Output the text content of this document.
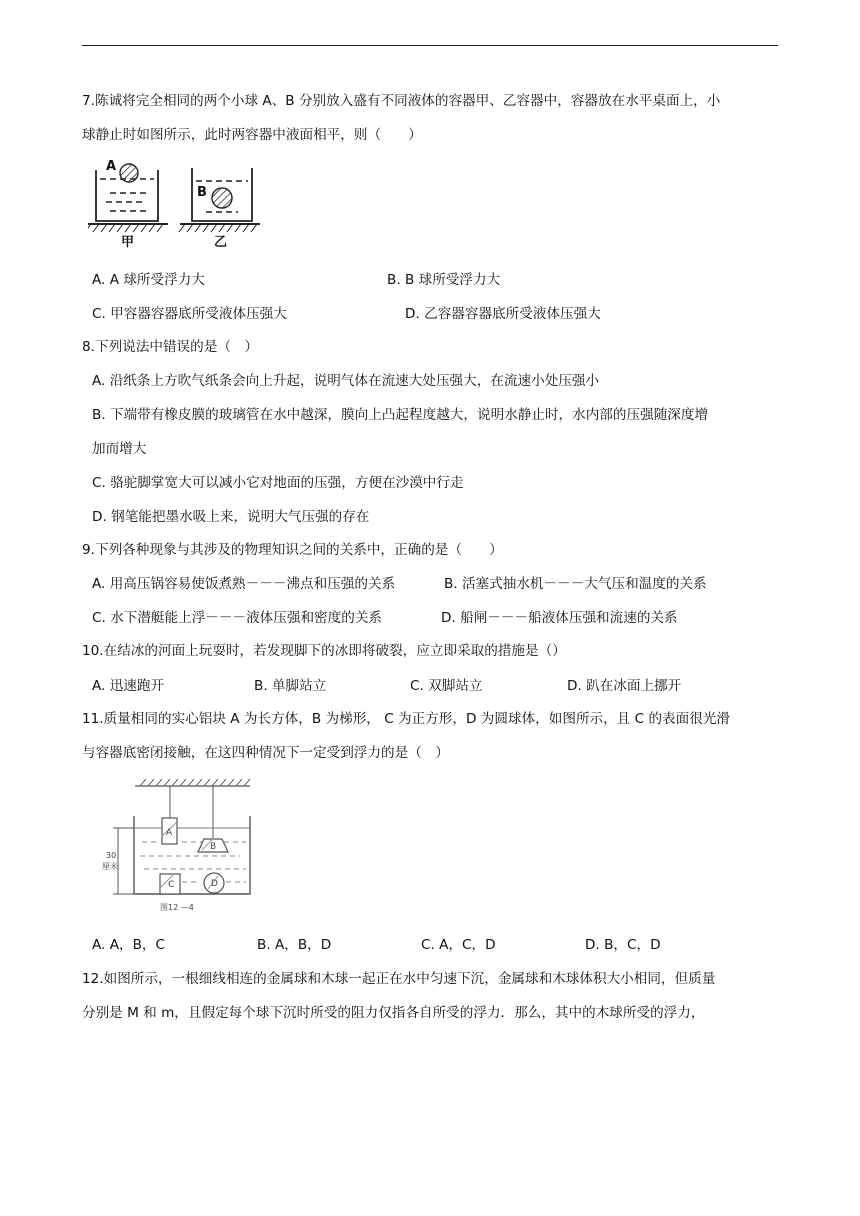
7.陈诚将完全相同的两个小球 A、B 分别放入盛有不同液体的容器甲、乙容器中，容器放在水平桌面上，小
球静止时如图所示，此时两容器中液面相平，则（　　）
A
甲
B
乙
A. A 球所受浮力大	B. B 球所受浮力大
C. 甲容器容器底所受液体压强大	D. 乙容器容器底所受液体压强大
8.下列说法中错误的是（　）
A. 沿纸条上方吹气纸条会向上升起，说明气体在流速大处压强大，在流速小处压强小
B. 下端带有橡皮膜的玻璃管在水中越深，膜向上凸起程度越大，说明水静止时，水内部的压强随深度增
加而增大
C. 骆驼脚掌宽大可以减小它对地面的压强，方便在沙漠中行走
D. 钢笔能把墨水吸上来，说明大气压强的存在
9.下列各种现象与其涉及的物理知识之间的关系中，正确的是（　　）
A. 用高压锅容易使饭煮熟－－－沸点和压强的关系	B. 活塞式抽水机－－－大气压和温度的关系
C. 水下潜艇能上浮－－－液体压强和密度的关系	D. 船闸－－－船液体压强和流速的关系
10.在结冰的河面上玩耍时，若发现脚下的冰即将破裂，应立即采取的措施是（）
A. 迅速跑开	B. 单脚站立	C. 双脚站立	D. 趴在冰面上挪开
11.质量相同的实心铝块 A 为长方体，B 为梯形， C 为正方形，D 为圆球体，如图所示，且 C 的表面很光滑
与容器底密闭接触，在这四种情况下一定受到浮力的是（　）
A
B
C	D
30
厘米
图12 —4
A. A，B，C	B. A，B，D	C. A，C，D	D. B，C，D
12.如图所示，一根细线相连的金属球和木球一起正在水中匀速下沉，金属球和木球体积大小相同，但质量
分别是 M 和 m，且假定每个球下沉时所受的阻力仅指各自所受的浮力．那么，其中的木球所受的浮力，
